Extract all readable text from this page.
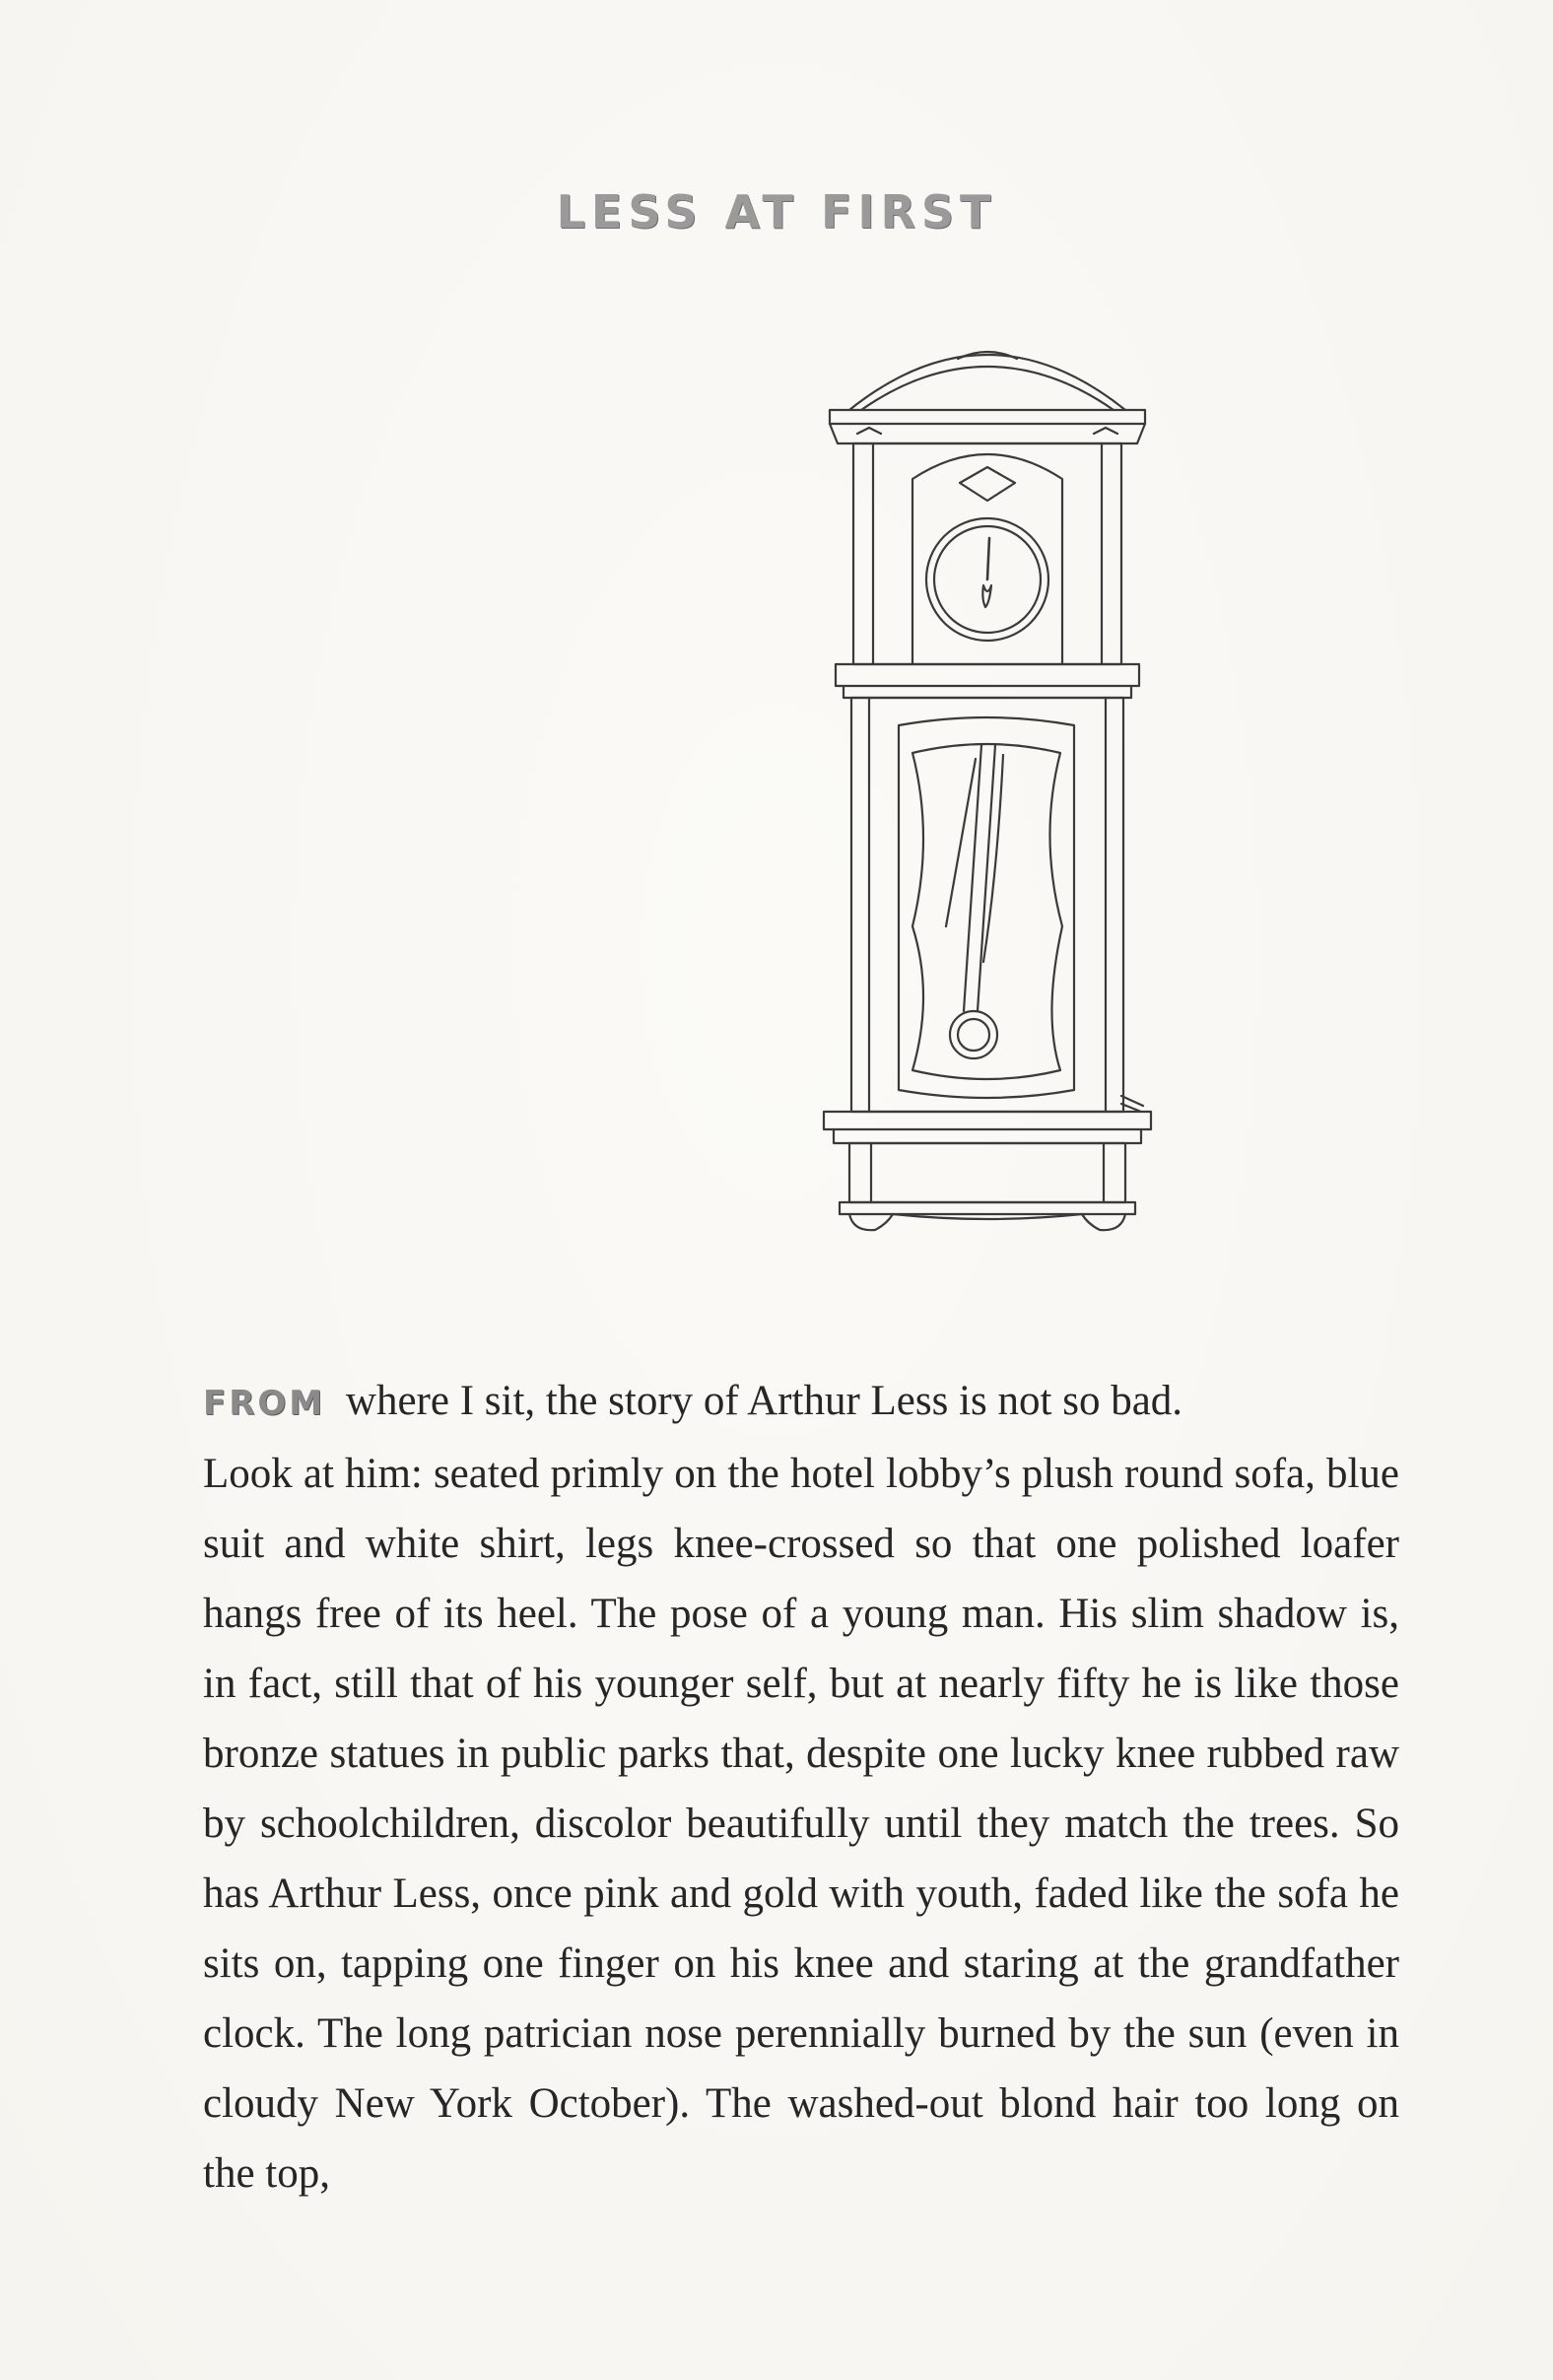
LESS AT FIRST
FROM where I sit, the story of Arthur Less is not so bad.
Look at him: seated primly on the hotel lobby’s plush round sofa, blue suit and white shirt, legs knee-crossed so that one polished loafer hangs free of its heel. The pose of a young man. His slim shadow is, in fact, still that of his younger self, but at nearly fifty he is like those bronze statues in public parks that, despite one lucky knee rubbed raw by schoolchildren, discolor beautifully until they match the trees. So has Arthur Less, once pink and gold with youth, faded like the sofa he sits on, tapping one finger on his knee and staring at the grandfather clock. The long patrician nose perennially burned by the sun (even in cloudy New York October). The washed-out blond hair too long on the top,
